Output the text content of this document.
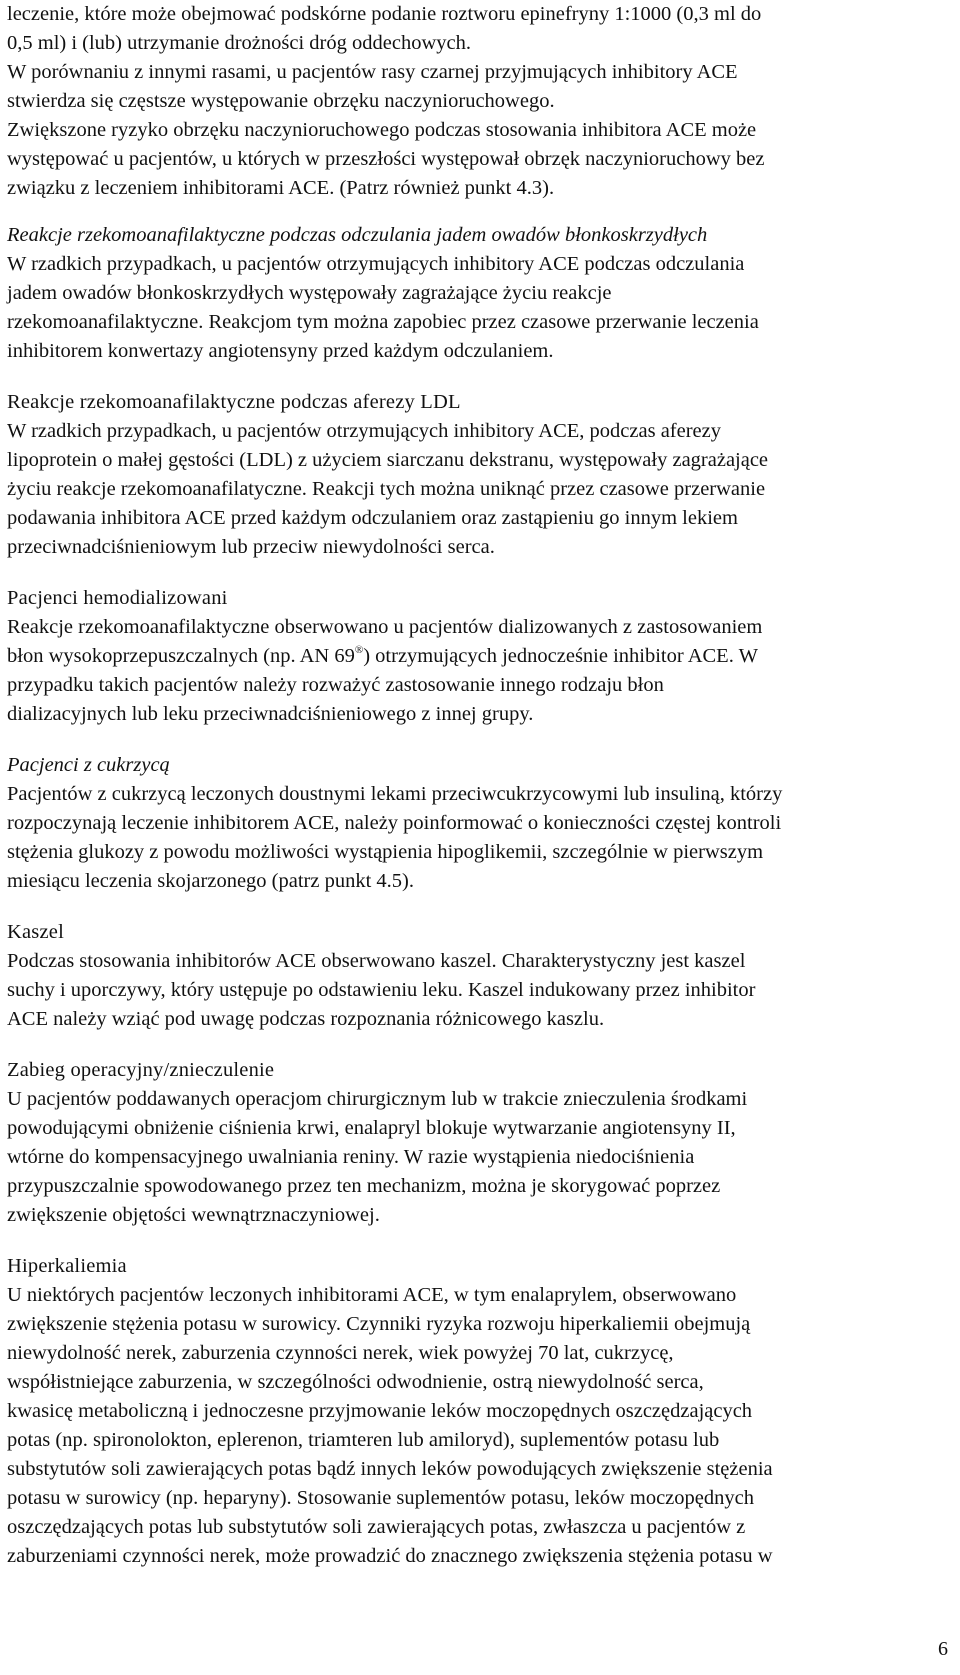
leczenie, które może obejmować podskórne podanie roztworu epinefryny 1:1000 (0,3 ml do
0,5 ml) i (lub) utrzymanie drożności dróg oddechowych.

W porównaniu z innymi rasami, u pacjentów rasy czarnej przyjmujących inhibitory ACE
stwierdza się częstsze występowanie obrzęku naczynioruchowego.

Zwiększone ryzyko obrzęku naczynioruchowego podczas stosowania inhibitora ACE może
występować u pacjentów, u których w przeszłości występował obrzęk naczynioruchowy bez
związku z leczeniem inhibitorami ACE. (Patrz również punkt 4.3).

Reakcje rzekomoanafilaktyczne podczas odczulania jadem owadów błonkoskrzydłych
W rzadkich przypadkach, u pacjentów otrzymujących inhibitory ACE podczas odczulania
jadem owadów błonkoskrzydłych występowały zagrażające życiu reakcje
rzekomoanafilaktyczne. Reakcjom tym można zapobiec przez czasowe przerwanie leczenia
inhibitorem konwertazy angiotensyny przed każdym odczulaniem.

Reakcje rzekomoanafilaktyczne podczas aferezy LDL
W rzadkich przypadkach, u pacjentów otrzymujących inhibitory ACE, podczas aferezy
lipoprotein o małej gęstości (LDL) z użyciem siarczanu dekstranu, występowały zagrażające
życiu reakcje rzekomoanafilatyczne. Reakcji tych można uniknąć przez czasowe przerwanie
podawania inhibitora ACE przed każdym odczulaniem oraz zastąpieniu go innym lekiem
przeciwnadciśnieniowym lub przeciw niewydolności serca.

Pacjenci hemodializowani
Reakcje rzekomoanafilaktyczne obserwowano u pacjentów dializowanych z zastosowaniem
błon wysokoprzepuszczalnych (np. AN 69®) otrzymujących jednocześnie inhibitor ACE. W
przypadku takich pacjentów należy rozważyć zastosowanie innego rodzaju błon
dializacyjnych lub leku przeciwnadciśnieniowego z innej grupy.

Pacjenci z cukrzycą
Pacjentów z cukrzycą leczonych doustnymi lekami przeciwcukrzycowymi lub insuliną, którzy
rozpoczynają leczenie inhibitorem ACE, należy poinformować o konieczności częstej kontroli
stężenia glukozy z powodu możliwości wystąpienia hipoglikemii, szczególnie w pierwszym
miesiącu leczenia skojarzonego (patrz punkt 4.5).

Kaszel
Podczas stosowania inhibitorów ACE obserwowano kaszel. Charakterystyczny jest kaszel
suchy i uporczywy, który ustępuje po odstawieniu leku. Kaszel indukowany przez inhibitor
ACE należy wziąć pod uwagę podczas rozpoznania różnicowego kaszlu.

Zabieg operacyjny/znieczulenie
U pacjentów poddawanych operacjom chirurgicznym lub w trakcie znieczulenia środkami
powodującymi obniżenie ciśnienia krwi, enalapryl blokuje wytwarzanie angiotensyny II,
wtórne do kompensacyjnego uwalniania reniny. W razie wystąpienia niedociśnienia
przypuszczalnie spowodowanego przez ten mechanizm, można je skorygować poprzez
zwiększenie objętości wewnątrznaczyniowej.

Hiperkaliemia
U niektórych pacjentów leczonych inhibitorami ACE, w tym enalaprylem, obserwowano
zwiększenie stężenia potasu w surowicy. Czynniki ryzyka rozwoju hiperkaliemii obejmują
niewydolność nerek, zaburzenia czynności nerek, wiek powyżej 70 lat, cukrzycę,
współistniejące zaburzenia, w szczególności odwodnienie, ostrą niewydolność serca,
kwasicę metaboliczną i jednoczesne przyjmowanie leków moczopędnych oszczędzających
potas (np. spironolokton, eplerenon, triamteren lub amiloryd), suplementów potasu lub
substytutów soli zawierających potas bądź innych leków powodujących zwiększenie stężenia
potasu w surowicy (np. heparyny). Stosowanie suplementów potasu, leków moczopędnych
oszczędzających potas lub substytutów soli zawierających potas, zwłaszcza u pacjentów z
zaburzeniami czynności nerek, może prowadzić do znacznego zwiększenia stężenia potasu w

6
